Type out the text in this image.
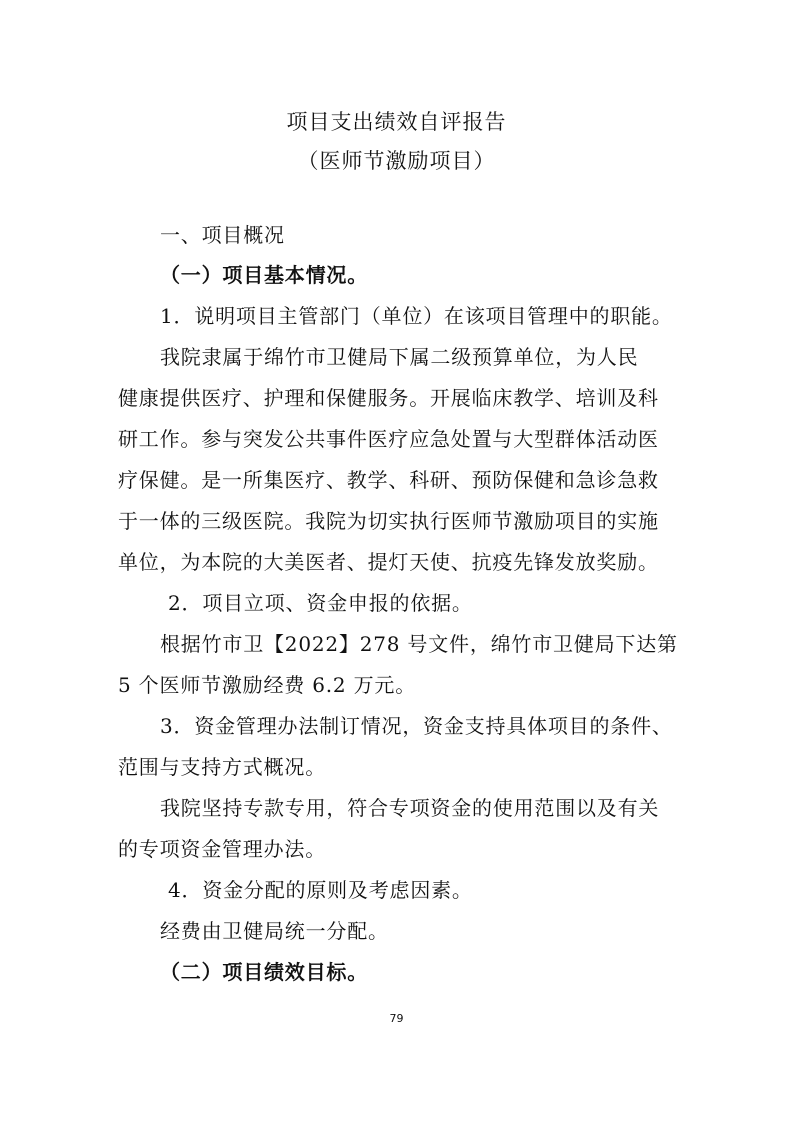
项目支出绩效自评报告
（医师节激励项目）
一、项目概况
（一）项目基本情况。
1．说明项目主管部门（单位）在该项目管理中的职能。
我院隶属于绵竹市卫健局下属二级预算单位，为人民
健康提供医疗、护理和保健服务。开展临床教学、培训及科
研工作。参与突发公共事件医疗应急处置与大型群体活动医
疗保健。是一所集医疗、教学、科研、预防保健和急诊急救
于一体的三级医院。我院为切实执行医师节激励项目的实施
单位，为本院的大美医者、提灯天使、抗疫先锋发放奖励。
2．项目立项、资金申报的依据。
根据竹市卫【2022】278 号文件，绵竹市卫健局下达第
5 个医师节激励经费 6.2 万元。
3．资金管理办法制订情况，资金支持具体项目的条件、
范围与支持方式概况。
我院坚持专款专用，符合专项资金的使用范围以及有关
的专项资金管理办法。
4．资金分配的原则及考虑因素。
经费由卫健局统一分配。
（二）项目绩效目标。
79
